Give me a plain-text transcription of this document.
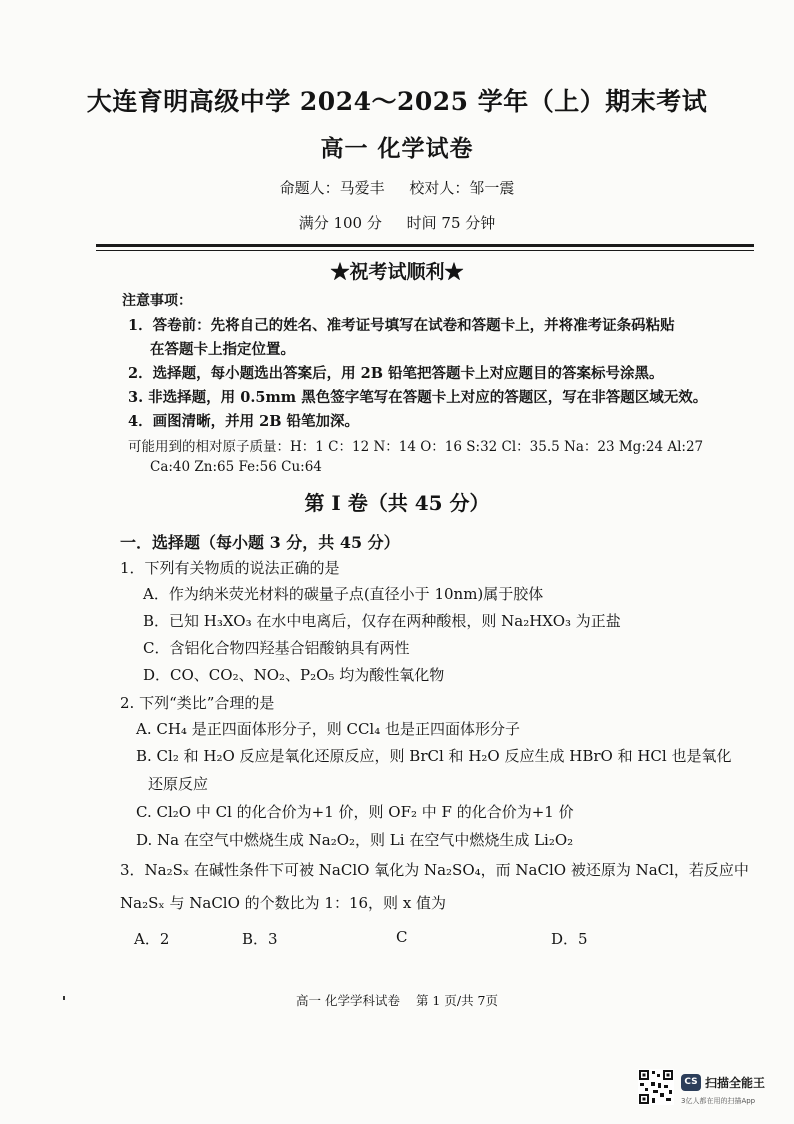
大连育明高级中学 2024～2025 学年（上）期末考试
高一 化学试卷
命题人：马爱丰 校对人：邹一震
满分 100 分 时间 75 分钟
★祝考试顺利★
注意事项：
1．答卷前：先将自己的姓名、准考证号填写在试卷和答题卡上，并将准考证条码粘贴
在答题卡上指定位置。
2．选择题，每小题选出答案后，用 2B 铅笔把答题卡上对应题目的答案标号涂黑。
3. 非选择题，用 0.5mm 黑色签字笔写在答题卡上对应的答题区，写在非答题区域无效。
4．画图清晰，并用 2B 铅笔加深。
可能用到的相对原子质量：H：1 C：12 N：14 O：16 S:32 Cl：35.5 Na：23 Mg:24 Al:27
Ca:40 Zn:65 Fe:56 Cu:64
第 I 卷（共 45 分）
一．选择题（每小题 3 分，共 45 分）
1．下列有关物质的说法正确的是
A．作为纳米荧光材料的碳量子点(直径小于 10nm)属于胶体
B．已知 H₃XO₃ 在水中电离后，仅存在两种酸根，则 Na₂HXO₃ 为正盐
C．含铝化合物四羟基合铝酸钠具有两性
D．CO、CO₂、NO₂、P₂O₅ 均为酸性氧化物
2. 下列“类比”合理的是
A. CH₄ 是正四面体形分子，则 CCl₄ 也是正四面体形分子
B. Cl₂ 和 H₂O 反应是氧化还原反应，则 BrCl 和 H₂O 反应生成 HBrO 和 HCl 也是氧化
还原反应
C. Cl₂O 中 Cl 的化合价为+1 价，则 OF₂ 中 F 的化合价为+1 价
D. Na 在空气中燃烧生成 Na₂O₂，则 Li 在空气中燃烧生成 Li₂O₂
3．Na₂Sₓ 在碱性条件下可被 NaClO 氧化为 Na₂SO₄，而 NaClO 被还原为 NaCl，若反应中
Na₂Sₓ 与 NaClO 的个数比为 1：16，则 x 值为
A．2	B．3	C	D．5
高一 化学学科试卷 第 1 页/共 7页
CS 扫描全能王
3亿人都在用的扫描App
